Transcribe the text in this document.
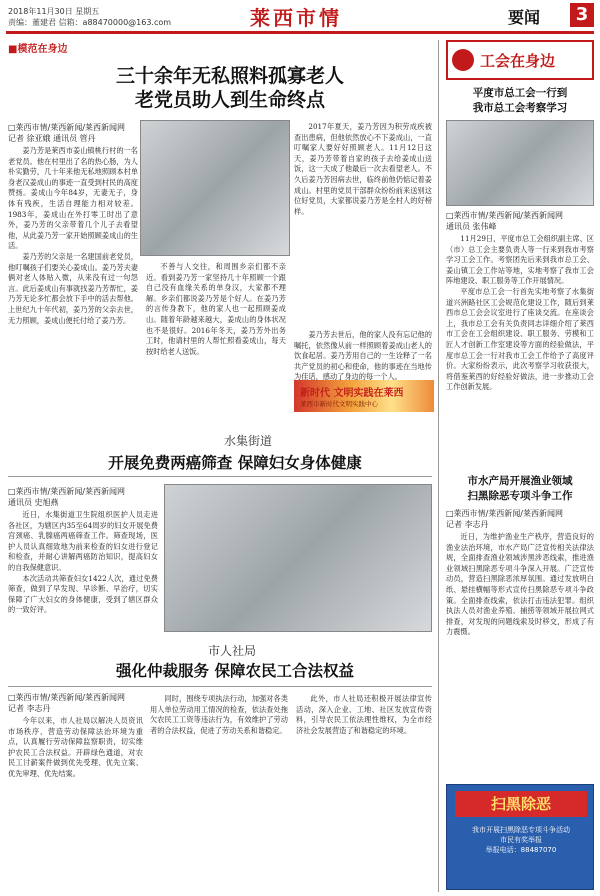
2018年11月30日 星期五
责编：董建君 信箱：a88470000@163.com	莱西市情	要闻	3
■模范在身边
三十余年无私照料孤寡老人
老党员助人到生命终点
□莱西市情/莱西新闻/莱西新闻网
记者 徐亚娥 通讯员 管丹

姜乃芳是莱西市姜山镇桃行村的一名老党员。他在村里出了名的热心肠，为人朴实勤劳，几十年来他无私地照顾本村单身老汉姜成山的事迹一直受到村民的高度赞扬。姜成山今年84岁，无妻无子，身体有残疾，生活自理能力相对较差。1983年，姜成山在外打零工时出了意外，姜乃芳的父亲带着几个儿子去看望他，从此姜乃芳一家开始照顾姜成山的生活。

姜乃芳的父亲是一名建国前老党员，他叮嘱孩子们要关心姜成山。姜乃芳夫妻俩对老人体贴入微，从来没有过一句怨言。此后姜成山有事就找姜乃芳帮忙，姜乃芳无论多忙都会放下手中的活去帮他。上世纪九十年代初，姜乃芳的父亲去世，无力照顾，姜成山便托付给了姜乃芳。

不善与人交往，和周围乡亲们都不亲近。看到姜乃芳一家坚持几十年照顾一个跟自己没有血缘关系的单身汉，大家都不理解。乡亲们都说姜乃芳是个好人。在姜乃芳的言传身教下，他的家人也一起照顾姜成山。随着年龄越来越大，姜成山的身体状况也不是很好。2016年冬天，姜乃芳外出务工时，他请村里的人帮忙照看姜成山，每天按时给老人送饭。

2017年夏天，姜乃芳因为积劳成疾被查出患病，但他依然放心不下姜成山，一直叮嘱家人要好好照顾老人。11月12日这天，姜乃芳带着自家的孩子去给姜成山送饭，这一天成了他最后一次去看望老人。不久后姜乃芳因病去世，临终前他仍惦记着姜成山。村里的党员干部群众纷纷前来送别这位好党员，大家都说姜乃芳是全村人的好榜样。

新时代 文明实践在莱西
莱西市新时代文明实践中心

姜乃芳去世后，他的家人没有忘记他的嘱托，依然像从前一样照顾着姜成山老人的饮食起居。姜乃芳用自己的一生诠释了一名共产党员的初心和使命，他的事迹在当地传为佳话，感动了身边的每一个人。

水集街道
开展免费两癌筛查 保障妇女身体健康
□莱西市情/莱西新闻/莱西新闻网
通讯员 史旭燕

近日，水集街道卫生院组织医护人员走进各社区，为辖区内35至64周岁的妇女开展免费宫颈癌、乳腺癌两癌筛查工作。筛查现场，医护人员认真细致地为前来检查的妇女进行登记和检查，并耐心讲解两癌防治知识，提高妇女的自我保健意识。

本次活动共筛查妇女1422人次，通过免费筛查，做到了早发现、早诊断、早治疗，切实保障了广大妇女的身体健康，受到了辖区群众的一致好评。

市人社局
强化仲裁服务 保障农民工合法权益
□莱西市情/莱西新闻/莱西新闻网
记者 李志丹

今年以来，市人社局以解决人员资讯市场秩序、营造劳动保障法治环境为重点，认真履行劳动保障监察职责，切实维护农民工合法权益。开辟绿色通道，对农民工讨薪案件做到优先受理、优先立案、优先审理、优先结案。

同时，围绕专项执法行动，加强对各类用人单位劳动用工情况的检查，依法查处拖欠农民工工资等违法行为，有效维护了劳动者的合法权益，促进了劳动关系和谐稳定。

此外，市人社局还积极开展法律宣传活动，深入企业、工地、社区发放宣传资料，引导农民工依法理性维权，为全市经济社会发展营造了和谐稳定的环境。

工会在身边
平度市总工会一行到
我市总工会考察学习
□莱西市情/莱西新闻/莱西新闻网
通讯员 张伟峰

11月29日，平度市总工会组织副主席、区（市）总工会主要负责人等一行来到我市考察学习工会工作。考察团先后来到我市总工会、姜山镇工会工作站等地，实地考察了我市工会阵地建设、职工服务等工作开展情况。

平度市总工会一行首先实地考察了水集街道兴洲路社区工会规范化建设工作，随后到莱西市总工会会议室进行了座谈交流。在座谈会上，我市总工会有关负责同志详细介绍了莱西市工会在工会组织建设、职工服务、劳模和工匠人才创新工作室建设等方面的经验做法，平度市总工会一行对我市工会工作给予了高度评价。大家纷纷表示，此次考察学习收获很大，将借鉴莱西的好经验好做法，进一步推动工会工作创新发展。

市水产局开展渔业领域
扫黑除恶专项斗争工作
□莱西市情/莱西新闻/莱西新闻网
记者 李志丹

近日，为维护渔业生产秩序，营造良好的渔业法治环境，市水产局广泛宣传相关法律法规，全面排查渔业领域涉黑涉恶线索，推进渔业领域扫黑除恶专项斗争深入开展。广泛宣传动员，营造扫黑除恶浓厚氛围。通过发放明白纸、悬挂横幅等形式宣传扫黑除恶专项斗争政策。全面排查线索，依法打击违法犯罪。组织执法人员对渔业养殖、捕捞等领域开展拉网式排查，对发现的问题线索及时移交，形成了有力震慑。

扫黑除恶
我市开展扫黑除恶专项斗争活动
市民有奖举报
举报电话：88487070
